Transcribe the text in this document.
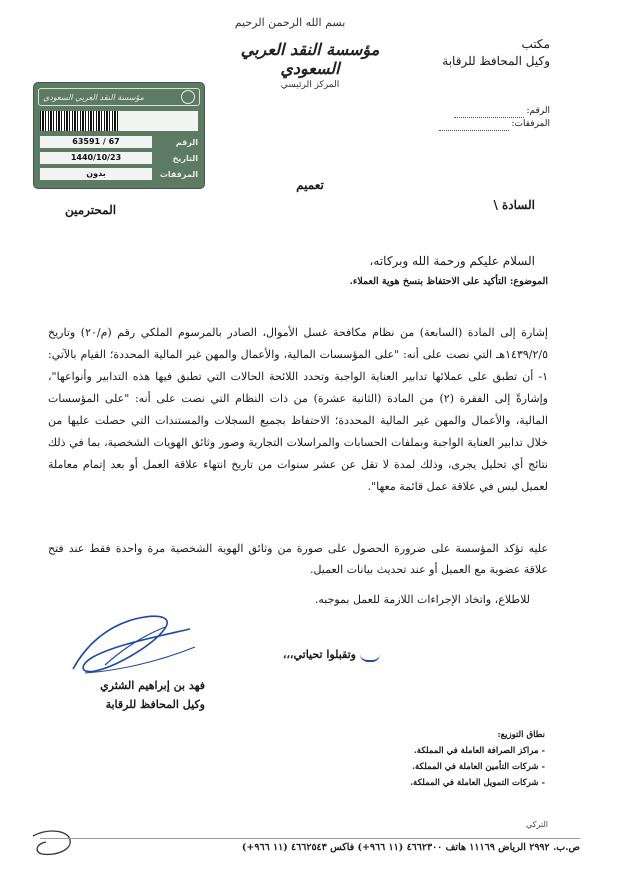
بسم الله الرحمن الرحيم
مؤسسة النقد العربي السعودي
المركز الرئيسي
مكتب
وكيل المحافظ للرقابة
الرقم:
المرفقات:
مؤسسة النقد العربي السعودي
الرقم
63591 / 67
التاريخ
1440/10/23
المرفقات
بدون
تعميم
السادة \
المحترمين
السلام عليكم ورحمة الله وبركاته،
الموضوع: التأكيد على الاحتفاظ بنسخ هوية العملاء.
إشارة إلى المادة (السابعة) من نظام مكافحة غسل الأموال، الصادر بالمرسوم الملكي رقم (م/٢٠) وتاريخ ١٤٣٩/٢/٥هـ التي نصت على أنه: "على المؤسسات المالية، والأعمال والمهن غير المالية المحددة؛ القيام بالآتي: ١- أن تطبق على عملائها تدابير العناية الواجبة وتحدد اللائحة الحالات التي تطبق فيها هذه التدابير وأنواعها"، وإشارةً إلى الفقرة (٢) من المادة (الثانية عشرة) من ذات النظام التي نصت على أنه: "على المؤسسات المالية، والأعمال والمهن غير المالية المحددة؛ الاحتفاظ بجميع السجلات والمستندات التي حصلت عليها من خلال تدابير العناية الواجبة وبملفات الحسابات والمراسلات التجارية وصور وثائق الهويات الشخصية، بما في ذلك نتائج أي تحليل يجرى، وذلك لمدة لا تقل عن عشر سنوات من تاريخ انتهاء علاقة العمل أو بعد إتمام معاملة لعميل ليس في علاقة عمل قائمة معها".
عليه تؤكد المؤسسة على ضرورة الحصول على صورة من وثائق الهوية الشخصية مرة واحدة فقط عند فتح علاقة عضوية مع العميل أو عند تحديث بيانات العميل.
للاطلاع، واتخاذ الإجراءات اللازمة للعمل بموجبه.
وتقبلوا تحياتي،،،
فهد بن إبراهيم الشثري
وكيل المحافظ للرقابة
نطاق التوزيع:
- مراكز الصرافة العاملة في المملكة.
- شركات التأمين العاملة في المملكة.
- شركات التمويل العاملة في المملكة.
التركي
ص.ب. ٢٩٩٢ الرياض ١١١٦٩ هاتف ٤٦٦٢٣٠٠ (١١ ٩٦٦+) فاكس ٤٦٦٢٥٤٣ (١١ ٩٦٦+)
